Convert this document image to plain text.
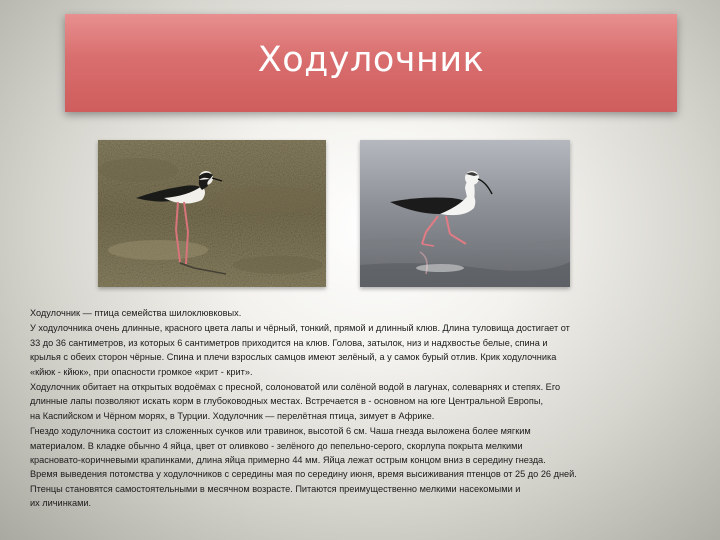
Ходулочник

Ходулочник — птица семейства шилоклювковых.

У ходулочника очень длинные, красного цвета лапы и чёрный, тонкий, прямой и длинный клюв. Длина туловища достигает от
33 до 36 сантиметров, из которых 6 сантиметров приходится на клюв. Голова, затылок, низ и надхвостье белые, спина и
крылья с обеих сторон чёрные. Спина и плечи взрослых самцов имеют зелёный, а у самок бурый отлив. Крик ходулочника
«кйюк - кйюк», при опасности громкое «крит - крит».

Ходулочник обитает на открытых водоёмах с пресной, солоноватой или солёной водой в лагунах, солеварнях и степях. Его
длинные лапы позволяют искать корм в глубоководных местах. Встречается в - основном на юге Центральной Европы,
на Каспийском и Чёрном морях, в Турции. Ходулочник — перелётная птица, зимует в Африке.

Гнездо ходулочника состоит из сложенных сучков или травинок, высотой 6 см. Чаша гнезда выложена более мягким
материалом. В кладке обычно 4 яйца, цвет от оливково - зелёного до пепельно-серого, скорлупа покрыта мелкими
красновато-коричневыми крапинками, длина яйца примерно 44 мм. Яйца лежат острым концом вниз в середину гнезда.
Время выведения потомства у ходулочников с середины мая по середину июня, время высиживания птенцов от 25 до 26 дней.
Птенцы становятся самостоятельными в месячном возрасте. Питаются преимущественно мелкими насекомыми и
их личинками.
